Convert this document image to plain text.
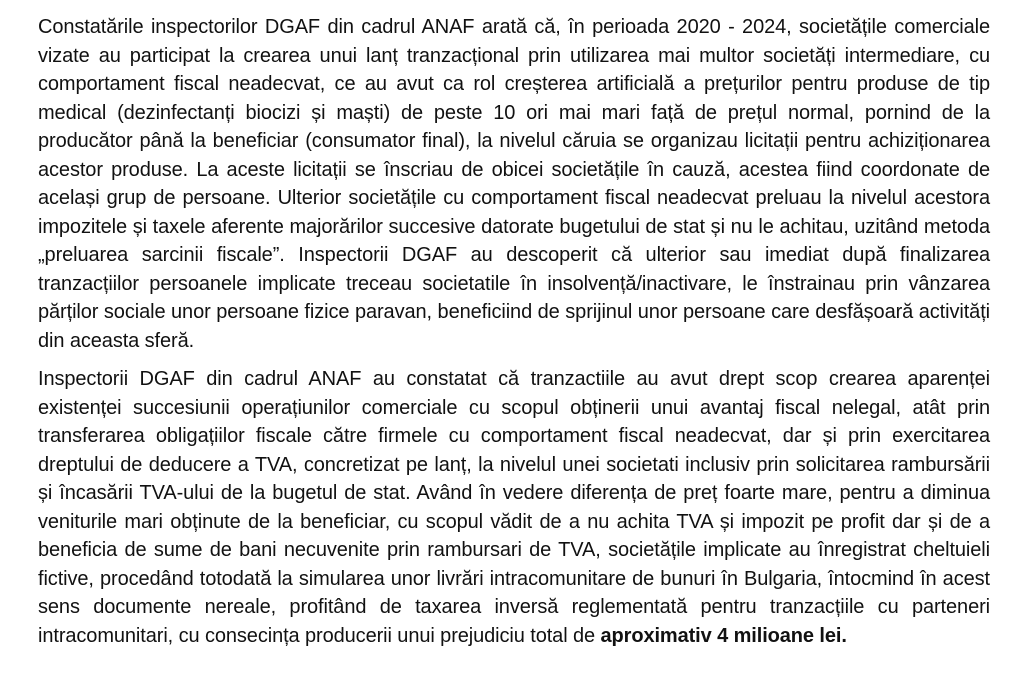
Constatările inspectorilor DGAF din cadrul ANAF arată că, în perioada 2020 - 2024, societățile comerciale vizate au participat la crearea unui lanț tranzacțional prin utilizarea mai multor societăți intermediare, cu comportament fiscal neadecvat, ce au avut ca rol creșterea artificială a prețurilor pentru produse de tip medical (dezinfectanți biocizi și maști) de peste 10 ori mai mari față de prețul normal, pornind de la producător până la beneficiar (consumator final), la nivelul căruia se organizau licitații pentru achiziționarea acestor produse. La aceste licitații se înscriau de obicei societățile în cauză, acestea fiind coordonate de același grup de persoane. Ulterior societățile cu comportament fiscal neadecvat preluau la nivelul acestora impozitele și taxele aferente majorărilor succesive datorate bugetului de stat și nu le achitau, uzitând metoda „preluarea sarcinii fiscale”. Inspectorii DGAF au descoperit că ulterior sau imediat după finalizarea tranzacțiilor persoanele implicate treceau societatile în insolvență/inactivare, le înstrainau prin vânzarea părților sociale unor persoane fizice paravan, beneficiind de sprijinul unor persoane care desfășoară activități din aceasta sferă.

Inspectorii DGAF din cadrul ANAF au constatat că tranzactiile au avut drept scop crearea aparenței existenței succesiunii operațiunilor comerciale cu scopul obținerii unui avantaj fiscal nelegal, atât prin transferarea obligațiilor fiscale către firmele cu comportament fiscal neadecvat, dar și prin exercitarea dreptului de deducere a TVA, concretizat pe lanț, la nivelul unei societati inclusiv prin solicitarea rambursării și încasării TVA-ului de la bugetul de stat. Având în vedere diferența de preț foarte mare, pentru a diminua veniturile mari obținute de la beneficiar, cu scopul vădit de a nu achita TVA și impozit pe profit dar și de a beneficia de sume de bani necuvenite prin rambursari de TVA, societățile implicate au înregistrat cheltuieli fictive, procedând totodată la simularea unor livrări intracomunitare de bunuri în Bulgaria, întocmind în acest sens documente nereale, profitând de taxarea inversă reglementată pentru tranzacțiile cu parteneri intracomunitari, cu consecința producerii unui prejudiciu total de aproximativ 4 milioane lei.
